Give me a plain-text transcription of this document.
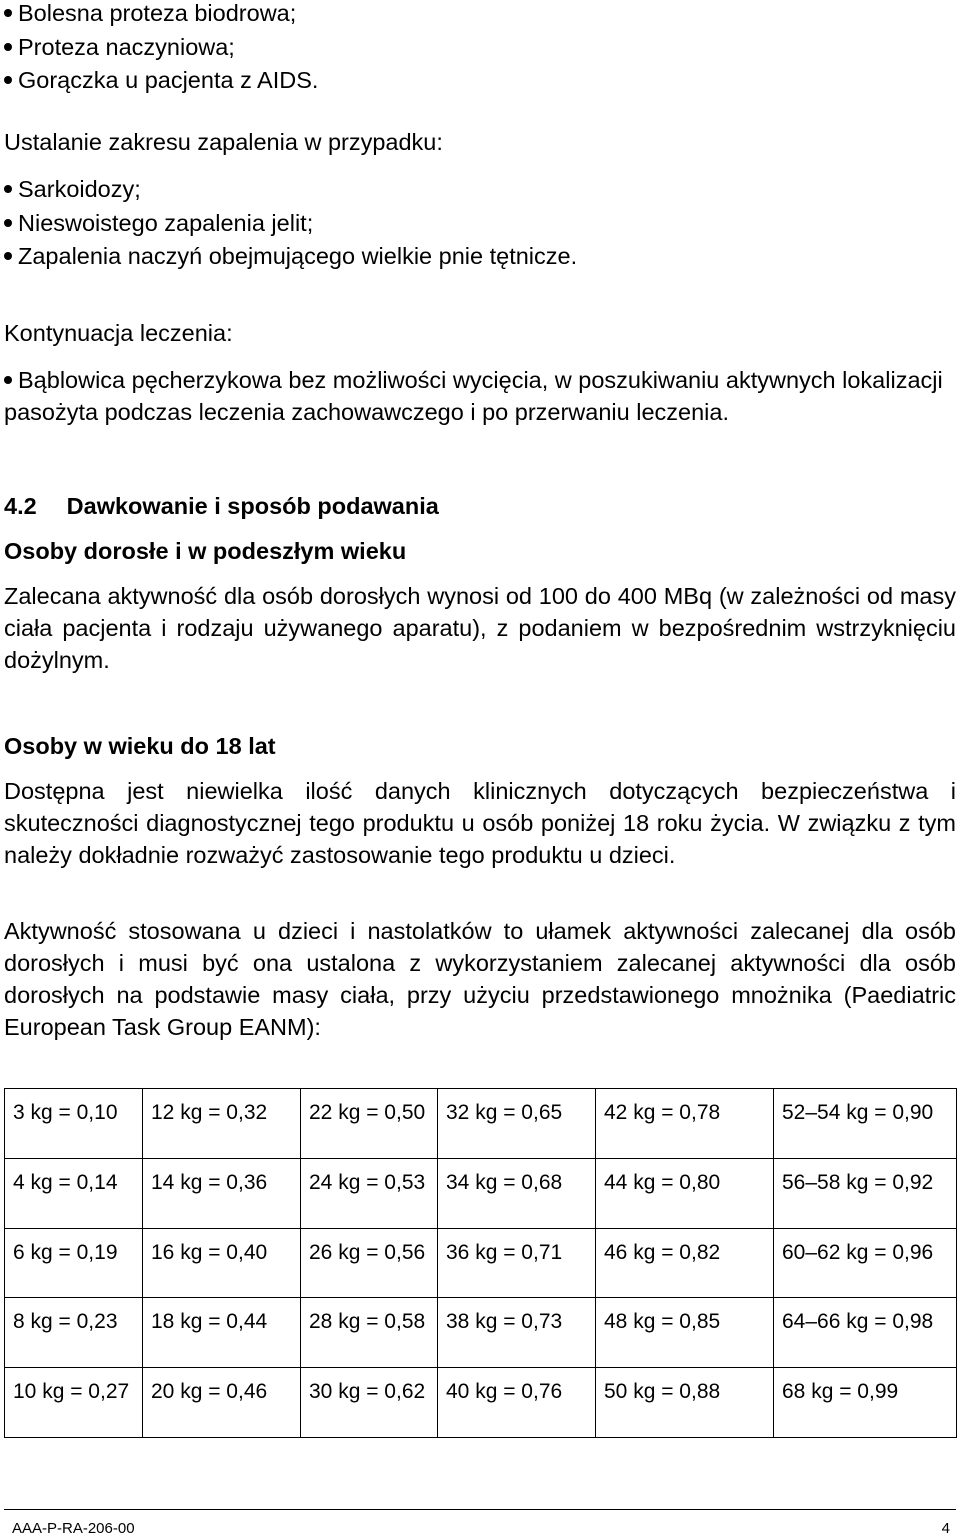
Bolesna proteza biodrowa;
Proteza naczyniowa;
Gorączka u pacjenta z AIDS.
Ustalanie zakresu zapalenia w przypadku:
Sarkoidozy;
Nieswoistego zapalenia jelit;
Zapalenia naczyń obejmującego wielkie pnie tętnicze.
Kontynuacja leczenia:
Bąblowica pęcherzykowa bez możliwości wycięcia, w poszukiwaniu aktywnych lokalizacji pasożyta podczas leczenia zachowawczego i po przerwaniu leczenia.
4.2 Dawkowanie i sposób podawania
Osoby dorosłe i w podeszłym wieku
Zalecana aktywność dla osób dorosłych wynosi od 100 do 400 MBq (w zależności od masy ciała pacjenta i rodzaju używanego aparatu), z podaniem w bezpośrednim wstrzyknięciu dożylnym.
Osoby w wieku do 18 lat
Dostępna jest niewielka ilość danych klinicznych dotyczących bezpieczeństwa i skuteczności diagnostycznej tego produktu u osób poniżej 18 roku życia. W związku z tym należy dokładnie rozważyć zastosowanie tego produktu u dzieci.
Aktywność stosowana u dzieci i nastolatków to ułamek aktywności zalecanej dla osób dorosłych i musi być ona ustalona z wykorzystaniem zalecanej aktywności dla osób dorosłych na podstawie masy ciała, przy użyciu przedstawionego mnożnika (Paediatric European Task Group EANM):
3 kg = 0,10	12 kg = 0,32	22 kg = 0,50	32 kg = 0,65	42 kg = 0,78	52–54 kg = 0,90
4 kg = 0,14	14 kg = 0,36	24 kg = 0,53	34 kg = 0,68	44 kg = 0,80	56–58 kg = 0,92
6 kg = 0,19	16 kg = 0,40	26 kg = 0,56	36 kg = 0,71	46 kg = 0,82	60–62 kg = 0,96
8 kg = 0,23	18 kg = 0,44	28 kg = 0,58	38 kg = 0,73	48 kg = 0,85	64–66 kg = 0,98
10 kg = 0,27	20 kg = 0,46	30 kg = 0,62	40 kg = 0,76	50 kg = 0,88	68 kg = 0,99
AAA-P-RA-206-00	4
